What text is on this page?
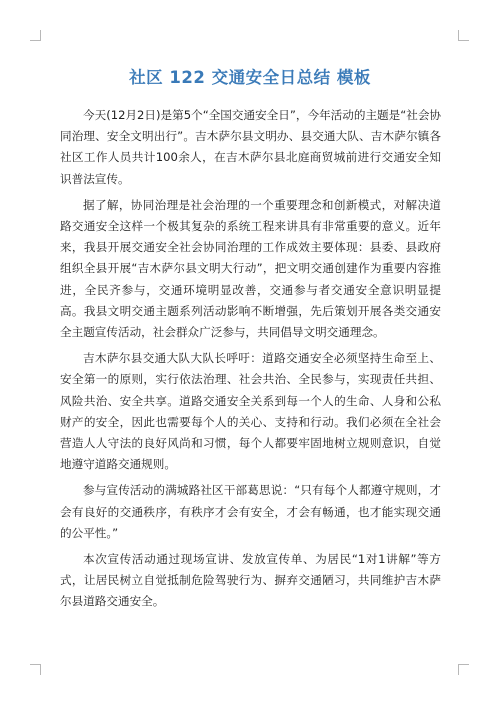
社区 122 交通安全日总结 模板

今天(12月2日)是第5个“全国交通安全日”，今年活动的主题是“社会协同治理、安全文明出行”。吉木萨尔县文明办、县交通大队、吉木萨尔镇各社区工作人员共计100余人，在吉木萨尔县北庭商贸城前进行交通安全知识普法宣传。

据了解，协同治理是社会治理的一个重要理念和创新模式，对解决道路交通安全这样一个极其复杂的系统工程来讲具有非常重要的意义。近年来，我县开展交通安全社会协同治理的工作成效主要体现：县委、县政府组织全县开展“吉木萨尔县文明大行动”，把文明交通创建作为重要内容推进，全民齐参与，交通环境明显改善，交通参与者交通安全意识明显提高。我县文明交通主题系列活动影响不断增强，先后策划开展各类交通安全主题宣传活动，社会群众广泛参与，共同倡导文明交通理念。

吉木萨尔县交通大队大队长呼吁：道路交通安全必须坚持生命至上、安全第一的原则，实行依法治理、社会共治、全民参与，实现责任共担、风险共治、安全共享。道路交通安全关系到每一个人的生命、人身和公私财产的安全，因此也需要每个人的关心、支持和行动。我们必须在全社会营造人人守法的良好风尚和习惯，每个人都要牢固地树立规则意识，自觉地遵守道路交通规则。

参与宣传活动的满城路社区干部葛思说：“只有每个人都遵守规则，才会有良好的交通秩序，有秩序才会有安全，才会有畅通，也才能实现交通的公平性。”

本次宣传活动通过现场宣讲、发放宣传单、为居民“1对1讲解”等方式，让居民树立自觉抵制危险驾驶行为、摒弃交通陋习，共同维护吉木萨尔县道路交通安全。
